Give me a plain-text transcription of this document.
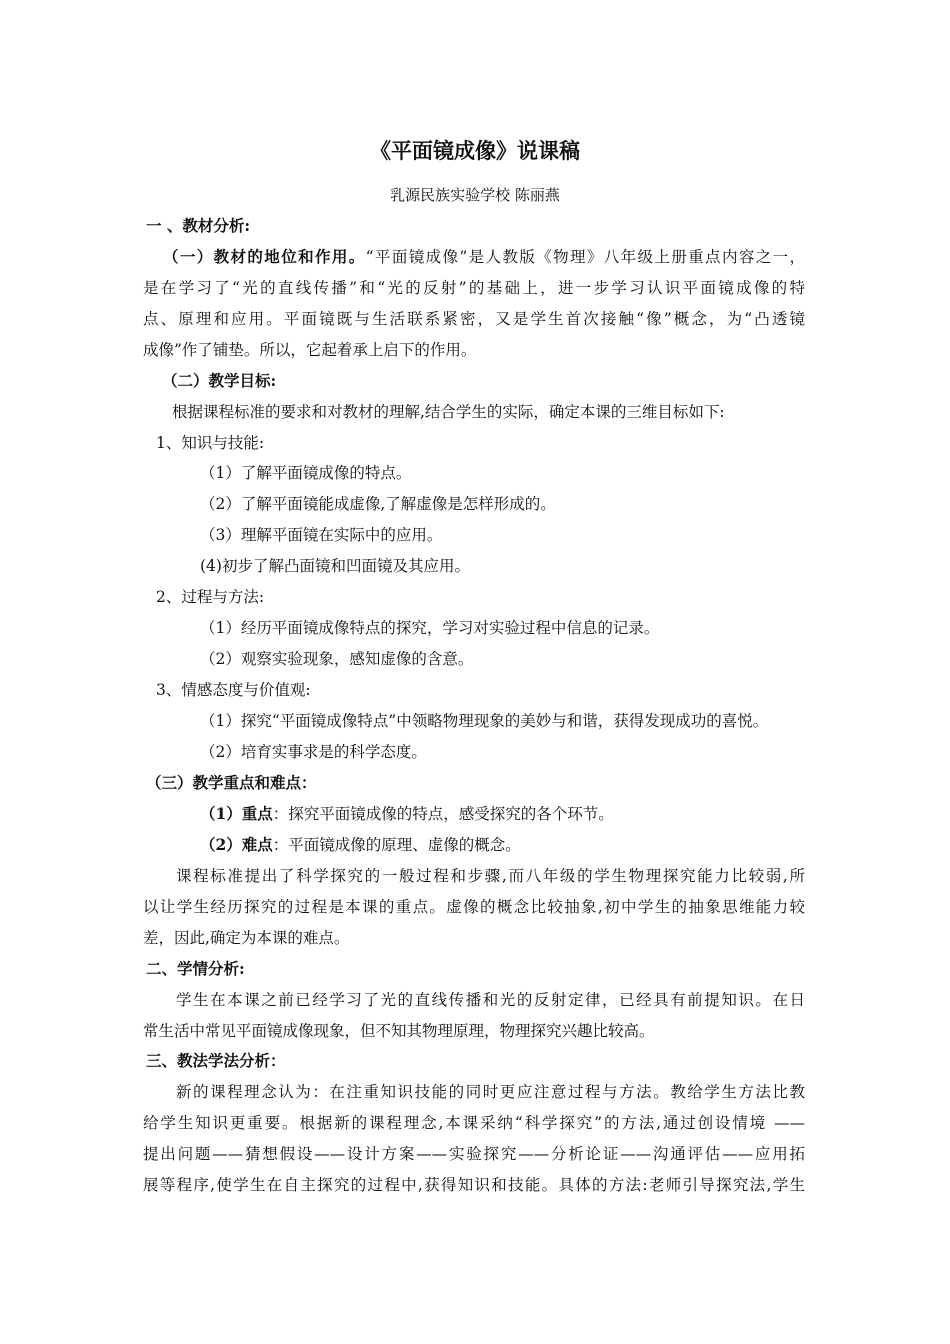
《平面镜成像》说课稿
乳源民族实验学校 陈丽燕
一 、教材分析:
（一）教材的地位和作用。“平面镜成像”是人教版《物理》八年级上册重点内容之一，
是在学习了“光的直线传播”和“光的反射”的基础上，进一步学习认识平面镜成像的特
点、原理和应用。平面镜既与生活联系紧密，又是学生首次接触“像”概念，为“凸透镜
成像”作了铺垫。所以，它起着承上启下的作用。
（二）教学目标:
根据课程标准的要求和对教材的理解,结合学生的实际，确定本课的三维目标如下:
1、知识与技能:
（1）了解平面镜成像的特点。
（2）了解平面镜能成虚像,了解虚像是怎样形成的。
（3）理解平面镜在实际中的应用。
(4)初步了解凸面镜和凹面镜及其应用。
2、过程与方法:
（1）经历平面镜成像特点的探究，学习对实验过程中信息的记录。
（2）观察实验现象，感知虚像的含意。
3、情感态度与价值观:
（1）探究“平面镜成像特点”中领略物理现象的美妙与和谐，获得发现成功的喜悦。
（2）培育实事求是的科学态度。
（三）教学重点和难点：
（1）重点：探究平面镜成像的特点，感受探究的各个环节。
（2）难点：平面镜成像的原理、虚像的概念。
课程标准提出了科学探究的一般过程和步骤,而八年级的学生物理探究能力比较弱,所
以让学生经历探究的过程是本课的重点。虚像的概念比较抽象,初中学生的抽象思维能力较
差，因此,确定为本课的难点。
二、学情分析:
学生在本课之前已经学习了光的直线传播和光的反射定律，已经具有前提知识。在日
常生活中常见平面镜成像现象，但不知其物理原理，物理探究兴趣比较高。
三、教法学法分析：
新的课程理念认为：在注重知识技能的同时更应注意过程与方法。教给学生方法比教
给学生知识更重要。根据新的课程理念,本课采纳“科学探究”的方法,通过创设情境 ——
提出问题——猜想假设——设计方案——实验探究——分析论证——沟通评估——应用拓
展等程序,使学生在自主探究的过程中,获得知识和技能。具体的方法:老师引导探究法,学生
